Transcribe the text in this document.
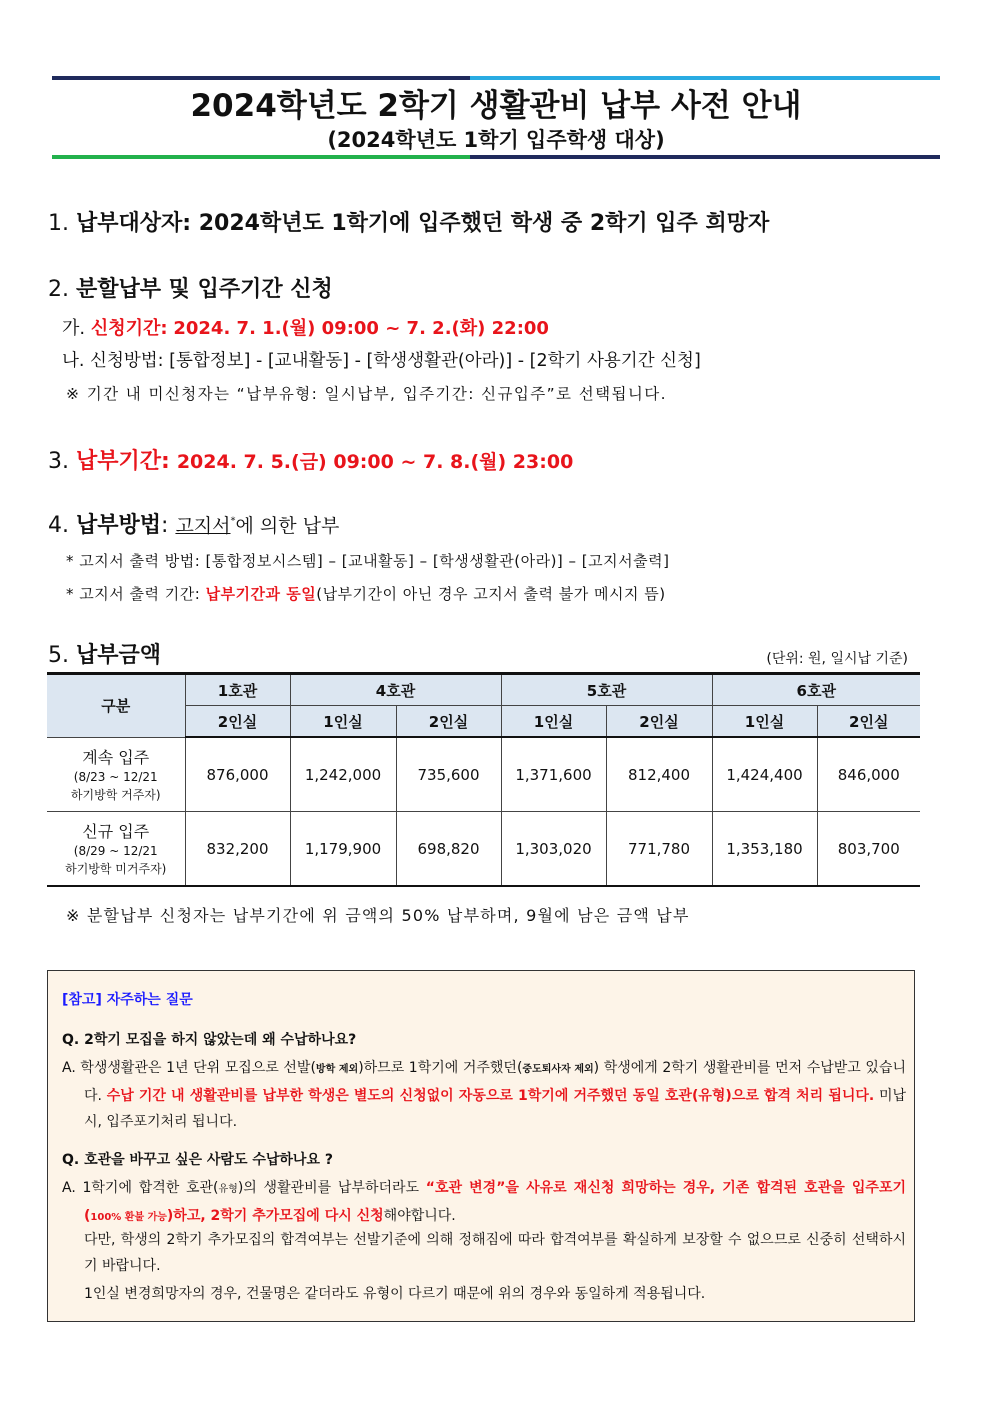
2024학년도 2학기 생활관비 납부 사전 안내
(2024학년도 1학기 입주학생 대상)
1. 납부대상자: 2024학년도 1학기에 입주했던 학생 중 2학기 입주 희망자
2. 분할납부 및 입주기간 신청
가. 신청기간: 2024. 7. 1.(월) 09:00 ~ 7. 2.(화) 22:00
나. 신청방법: [통합정보] - [교내활동] - [학생생활관(아라)] - [2학기 사용기간 신청]
※ 기간 내 미신청자는 “납부유형: 일시납부, 입주기간: 신규입주”로 선택됩니다.
3. 납부기간: 2024. 7. 5.(금) 09:00 ~ 7. 8.(월) 23:00
4. 납부방법: 고지서*에 의한 납부
* 고지서 출력 방법: [통합정보시스템] – [교내활동] – [학생생활관(아라)] – [고지서출력]
* 고지서 출력 기간: 납부기간과 동일(납부기간이 아닌 경우 고지서 출력 불가 메시지 뜸)
5. 납부금액	(단위: 원, 일시납 기준)
구분	1호관	4호관		5호관		6호관	
	2인실	1인실	2인실	1인실	2인실	1인실	2인실

계속 입주
(8/23 ~ 12/21
하기방학 거주자)	876,000	1,242,000	735,600	1,371,600	812,400	1,424,400	846,000

신규 입주
(8/29 ~ 12/21
하기방학 미거주자)	832,200	1,179,900	698,820	1,303,020	771,780	1,353,180	803,700
※ 분할납부 신청자는 납부기간에 위 금액의 50% 납부하며, 9월에 남은 금액 납부
[참고] 자주하는 질문
Q. 2학기 모집을 하지 않았는데 왜 수납하나요?
A. 학생생활관은 1년 단위 모집으로 선발(방학 제외)하므로 1학기에 거주했던(중도퇴사자 제외) 학생에게 2학기 생활관비를 먼저 수납받고 있습니다. 수납 기간 내 생활관비를 납부한 학생은 별도의 신청없이 자동으로 1학기에 거주했던 동일 호관(유형)으로 합격 처리 됩니다. 미납시, 입주포기처리 됩니다.
Q. 호관을 바꾸고 싶은 사람도 수납하나요 ?
A. 1학기에 합격한 호관(유형)의 생활관비를 납부하더라도 “호관 변경”을 사유로 재신청 희망하는 경우, 기존 합격된 호관을 입주포기(100% 환불 가능)하고, 2학기 추가모집에 다시 신청해야합니다.
다만, 학생의 2학기 추가모집의 합격여부는 선발기준에 의해 정해짐에 따라 합격여부를 확실하게 보장할 수 없으므로 신중히 선택하시기 바랍니다.
1인실 변경희망자의 경우, 건물명은 같더라도 유형이 다르기 때문에 위의 경우와 동일하게 적용됩니다.
